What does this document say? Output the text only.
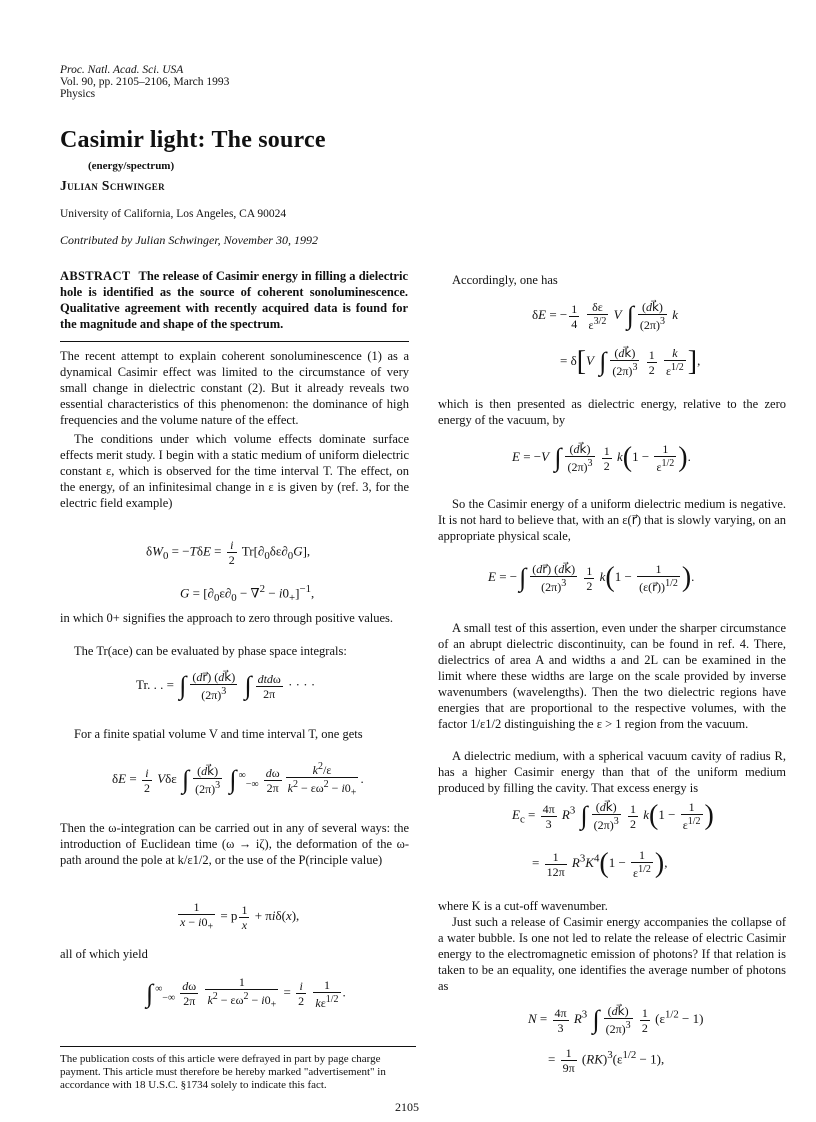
Proc. Natl. Acad. Sci. USA
Vol. 90, pp. 2105–2106, March 1993
Physics
Casimir light: The source
(energy/spectrum)
Julian Schwinger
University of California, Los Angeles, CA 90024
Contributed by Julian Schwinger, November 30, 1992
ABSTRACT The release of Casimir energy in filling a dielectric hole is identified as the source of coherent sonoluminescence. Qualitative agreement with recently acquired data is found for the magnitude and shape of the spectrum.

The recent attempt to explain coherent sonoluminescence (1) as a dynamical Casimir effect was limited to the circumstance of very small change in dielectric constant (2). But it already reveals two essential characteristics of this phenomenon: the dominance of high frequencies and the volume nature of the effect.

The conditions under which volume effects dominate surface effects merit study. I begin with a static medium of uniform dielectric constant ε, which is observed for the time interval T. The effect, on the energy, of an infinitesimal change in ε is given by (ref. 3, for the electric field example)

$\delta W_0 = -T\delta E = \frac{i}{2} Tr[\partial_0\delta\varepsilon\partial_0G]$,
$G = [\partial_0\varepsilon\partial_0 - \nabla^2 - i0_+]^{-1}$,

in which 0+ signifies the approach to zero through positive values.

The Tr(ace) can be evaluated by phase space integrals:

Tr. . . = ∫ $\frac{(dr⃗) (dk⃗)}{(2\pi)^3}$ ∫ $\frac{\text{dtdω}}{2\pi}$ · · · ·

For a finite spatial volume V and time interval T, one gets

$\delta E = \frac{i}{2}$ Vδε ∫ $\frac{(dk⃗)}{(2\pi)^3}$ ∫ $^\infty_{-\infty} \frac{d\omega}{2\pi} \frac{k^2/\varepsilon}{k^2 - \varepsilon\omega^2 - i0_+}$ .

Then the ω-integration can be carried out in any of several ways: the introduction of Euclidean time (ω → iζ), the deformation of the ω-path around the pole at k/ε1/2, or the use of the P(rinciple value)

$\frac{1}{x - i0_+} = p \frac{1}{x} + \pi i\delta(x)$,

all of which yield

∫ $^\infty_{-\infty} \frac{d\omega}{2\pi}$
$\frac{1}{k^2 - \varepsilon\omega^2 - i0_+} = \frac{i}{2}$
$\frac{1}{k\varepsilon^{1/2}}$ .
The publication costs of this article were defrayed in part by page charge payment. This article must therefore be hereby marked "advertisement" in accordance with 18 U.S.C. §1734 solely to indicate this fact.

Accordingly, one has

δE = − $\frac{1}{4}$
$\frac{\delta\varepsilon}{\varepsilon^{3/2}}$ V ∫ $\frac{(dk⃗)}{(2\pi)^3}$ k
= δ[V ∫ $\frac{(dk⃗)}{(2\pi)^3}$
$\frac{1}{2}$
$\frac{k}{\varepsilon^{1/2}}$ ],

which is then presented as dielectric energy, relative to the zero energy of the vacuum, by

E = −V ∫ $\frac{(dk⃗)}{(2\pi)^3}$
$\frac{1}{2} k(1 - \frac{1}{\varepsilon^{1/2}}$ ).

So the Casimir energy of a uniform dielectric medium is negative. It is not hard to believe that, with an ε(r⃗) that is slowly varying, on an appropriate physical scale,

E = −∫ $\frac{(dr⃗) (dk⃗)}{(2\pi)^3}$
$\frac{1}{2} k(1 - \frac{1}{(\varepsilon(r⃗))^{1/2}}$ ).

A small test of this assertion, even under the sharper circumstance of an abrupt dielectric discontinuity, can be found in ref. 4. There, dielectrics of area A and widths a and 2L can be examined in the limit where these widths are large on the scale provided by inverse wavenumbers (wavelengths). Then the two dielectric regions have energies that are proportional to the respective volumes, with the factor 1/ε1/2 distinguishing the ε > 1 region from the vacuum.

A dielectric medium, with a spherical vacuum cavity of radius R, has a higher Casimir energy than that of the uniform medium produced by filling the cavity. That excess energy is

$E_c = \frac{4\pi}{3} R^3$ ∫ $\frac{(dk⃗)}{(2\pi)^3}$
$\frac{1}{2} k(1 - \frac{1}{\varepsilon^{1/2}}$ )
= $\frac{1}{12\pi} R^3K^4(1 - \frac{1}{\varepsilon^{1/2}}$ ),

where K is a cut-off wavenumber.

Just such a release of Casimir energy accompanies the collapse of a water bubble. Is one not led to relate the release of electric Casimir energy to the electromagnetic emission of photons? If that relation is taken to be an equality, one identifies the average number of photons as

$N = \frac{4\pi}{3} R^3$ ∫ $\frac{(dk⃗)}{(2\pi)^3}$
$\frac{1}{2} (\varepsilon^{1/2} - 1)$
= $\frac{1}{9\pi} (RK)^3(\varepsilon^{1/2} - 1)$,
2105
